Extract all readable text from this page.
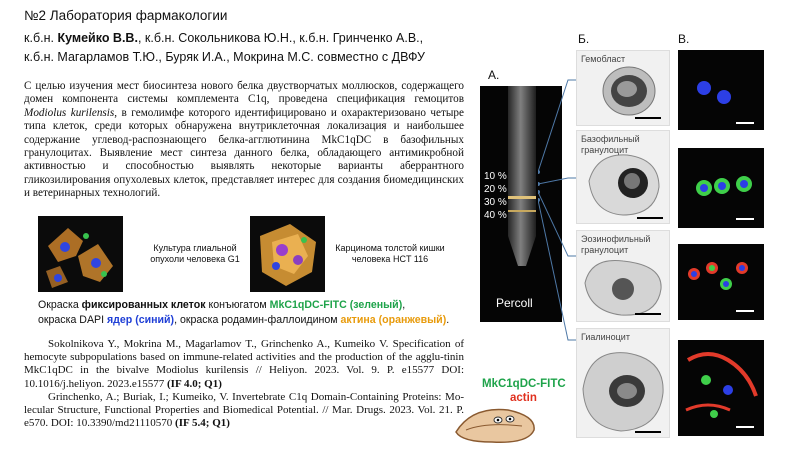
№2 Лаборатория фармакологии
к.б.н. Кумейко В.В., к.б.н. Сокольникова Ю.Н., к.б.н. Гринченко А.В.,
к.б.н. Магарламов Т.Ю., Буряк И.А., Мокрина М.С. совместно с ДВФУ
С целью изучения мест биосинтеза нового белка двустворчатых моллюсков, содержащего домен компонента системы комплемента C1q, проведена спецификация гемоцитов Modiolus kurilensis, в гемолимфе которого идентифицировано и охарактеризовано четыре типа клеток, среди которых обнаружена внутриклеточная локализация и наибольшее содержание углевод-распознающего белка-агглютинина MkC1qDC в базофильных гранулоцитах. Выявление мест синтеза данного белка, обладающего антимикробной активностью и способностью выявлять некоторые варианты аберрантного гликозилирования опухолевых клеток, представляет интерес для создания биомедицинских и ветеринарных технологий.
Культура глиальной опухоли человека G1
Карциномa толстой кишки человека HCT 116
Окраска фиксированных клеток конъюгатом MkC1qDC-FITC (зеленый),
окраска DAPI ядер (синий), окраска родамин-фаллоидином актина (оранжевый).

Sokolnikova Y., Mokrina M., Magarlamov T., Grinchenko A., Kumeiko V. Specification of hemocyte subpopulations based on immune-related activities and the production of the agglu-tinin MkC1qDC in the bivalve Modiolus kurilensis // Heliyon. 2023. Vol. 9. P. e15577 DOI: 10.1016/j.heliyon. 2023.e15577 (IF 4.0; Q1)

Grinchenko, A.; Buriak, I.; Kumeiko, V. Invertebrate C1q Domain-Containing Proteins: Mo-lecular Structure, Functional Properties and Biomedical Potential. // Mar. Drugs. 2023. Vol. 21. P. e570. DOI: 10.3390/md21110570 (IF 5.4; Q1)

А.
10 %
20 %
30 %
40 %
Percoll
Б.	В.
Гемобласт
Базофильный гранулоцит
Эозинофильный гранулоцит
Гиалиноцит
MkC1qDC-FITC
actin
